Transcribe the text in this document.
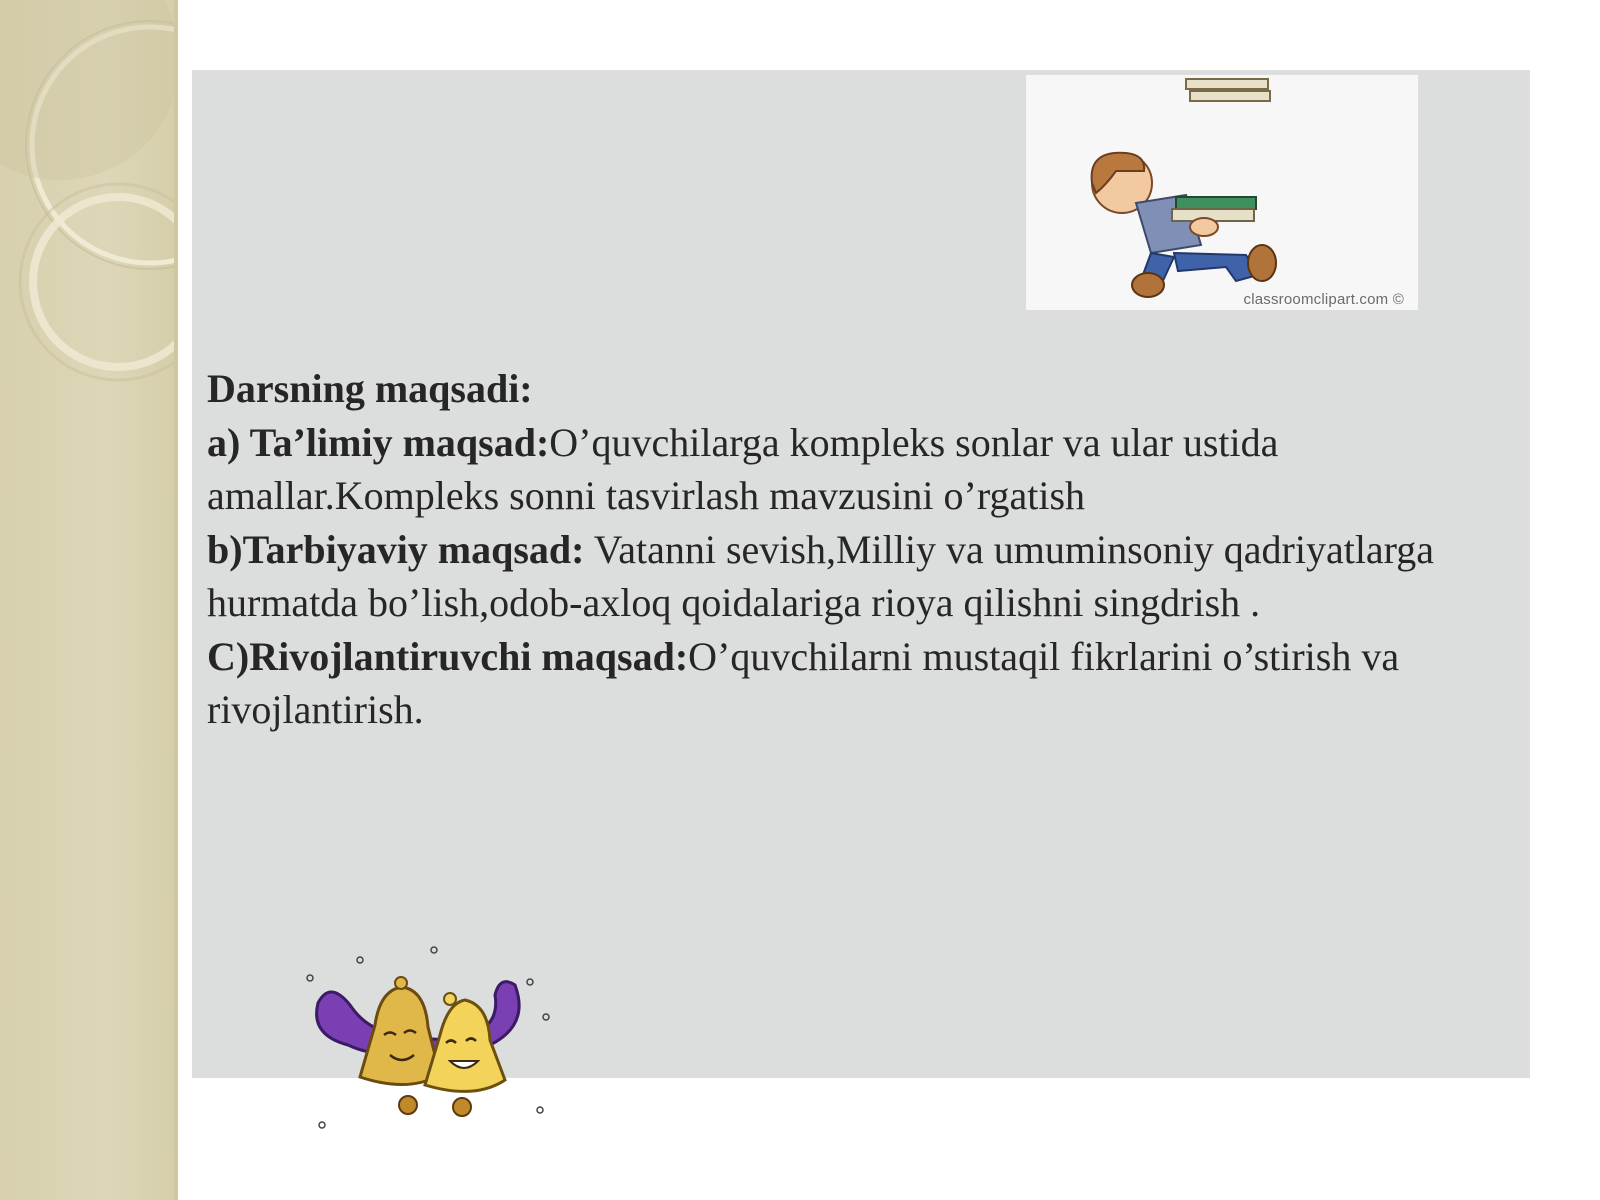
classroomclipart.com ©

Darsning maqsadi:

a) Ta’limiy maqsad:O’quvchilarga kompleks sonlar va ular ustida amallar.Kompleks sonni tasvirlash mavzusini o’rgatish

b)Tarbiyaviy maqsad: Vatanni sevish,Milliy va umuminsoniy qadriyatlarga hurmatda bo’lish,odob-axloq qoidalariga rioya qilishni singdrish .

C)Rivojlantiruvchi maqsad:O’quvchilarni mustaqil fikrlarini o’stirish va rivojlantirish.
